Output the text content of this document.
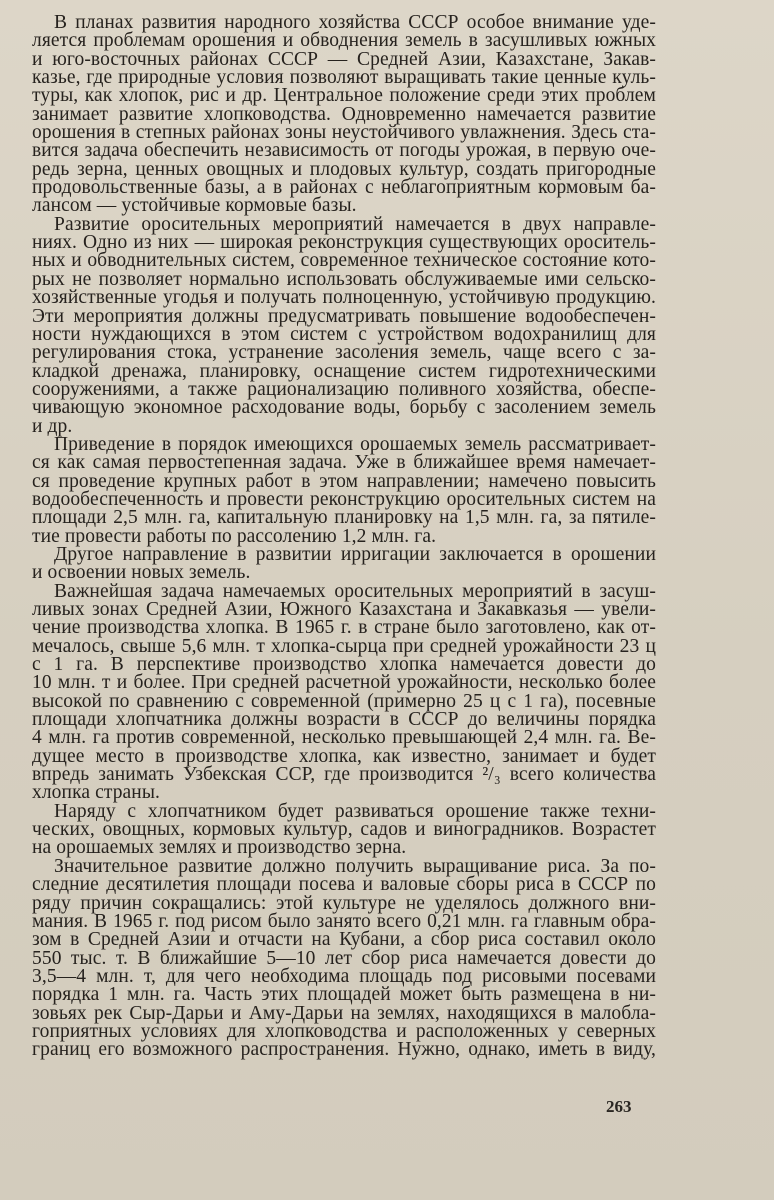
В планах развития народного хозяйства СССР особое внимание уде-
ляется проблемам орошения и обводнения земель в засушливых южных
и юго-восточных районах СССР — Средней Азии, Казахстане, Закав-
казье, где природные условия позволяют выращивать такие ценные куль-
туры, как хлопок, рис и др. Центральное положение среди этих проблем
занимает развитие хлопководства. Одновременно намечается развитие
орошения в степных районах зоны неустойчивого увлажнения. Здесь ста-
вится задача обеспечить независимость от погоды урожая, в первую оче-
редь зерна, ценных овощных и плодовых культур, создать пригородные
продовольственные базы, а в районах с неблагоприятным кормовым ба-
лансом — устойчивые кормовые базы.
Развитие оросительных мероприятий намечается в двух направле-
ниях. Одно из них — широкая реконструкция существующих ороситель-
ных и обводнительных систем, современное техническое состояние кото-
рых не позволяет нормально использовать обслуживаемые ими сельско-
хозяйственные угодья и получать полноценную, устойчивую продукцию.
Эти мероприятия должны предусматривать повышение водообеспечен-
ности нуждающихся в этом систем с устройством водохранилищ для
регулирования стока, устранение засоления земель, чаще всего с за-
кладкой дренажа, планировку, оснащение систем гидротехническими
сооружениями, а также рационализацию поливного хозяйства, обеспе-
чивающую экономное расходование воды, борьбу с засолением земель
и др.
Приведение в порядок имеющихся орошаемых земель рассматривает-
ся как самая первостепенная задача. Уже в ближайшее время намечает-
ся проведение крупных работ в этом направлении; намечено повысить
водообеспеченность и провести реконструкцию оросительных систем на
площади 2,5 млн. га, капитальную планировку на 1,5 млн. га, за пятиле-
тие провести работы по рассолению 1,2 млн. га.
Другое направление в развитии ирригации заключается в орошении
и освоении новых земель.
Важнейшая задача намечаемых оросительных мероприятий в засуш-
ливых зонах Средней Азии, Южного Казахстана и Закавказья — увели-
чение производства хлопка. В 1965 г. в стране было заготовлено, как от-
мечалось, свыше 5,6 млн. т хлопка-сырца при средней урожайности 23 ц
с 1 га. В перспективе производство хлопка намечается довести до
10 млн. т и более. При средней расчетной урожайности, несколько более
высокой по сравнению с современной (примерно 25 ц с 1 га), посевные
площади хлопчатника должны возрасти в СССР до величины порядка
4 млн. га против современной, несколько превышающей 2,4 млн. га. Ве-
дущее место в производстве хлопка, как известно, занимает и будет
впредь занимать Узбекская ССР, где производится ²/₃ всего количества
хлопка страны.
Наряду с хлопчатником будет развиваться орошение также техни-
ческих, овощных, кормовых культур, садов и виноградников. Возрастет
на орошаемых землях и производство зерна.
Значительное развитие должно получить выращивание риса. За по-
следние десятилетия площади посева и валовые сборы риса в СССР по
ряду причин сокращались: этой культуре не уделялось должного вни-
мания. В 1965 г. под рисом было занято всего 0,21 млн. га главным обра-
зом в Средней Азии и отчасти на Кубани, а сбор риса составил около
550 тыс. т. В ближайшие 5—10 лет сбор риса намечается довести до
3,5—4 млн. т, для чего необходима площадь под рисовыми посевами
порядка 1 млн. га. Часть этих площадей может быть размещена в ни-
зовьях рек Сыр-Дарьи и Аму-Дарьи на землях, находящихся в малобла-
гоприятных условиях для хлопководства и расположенных у северных
границ его возможного распространения. Нужно, однако, иметь в виду,
263
